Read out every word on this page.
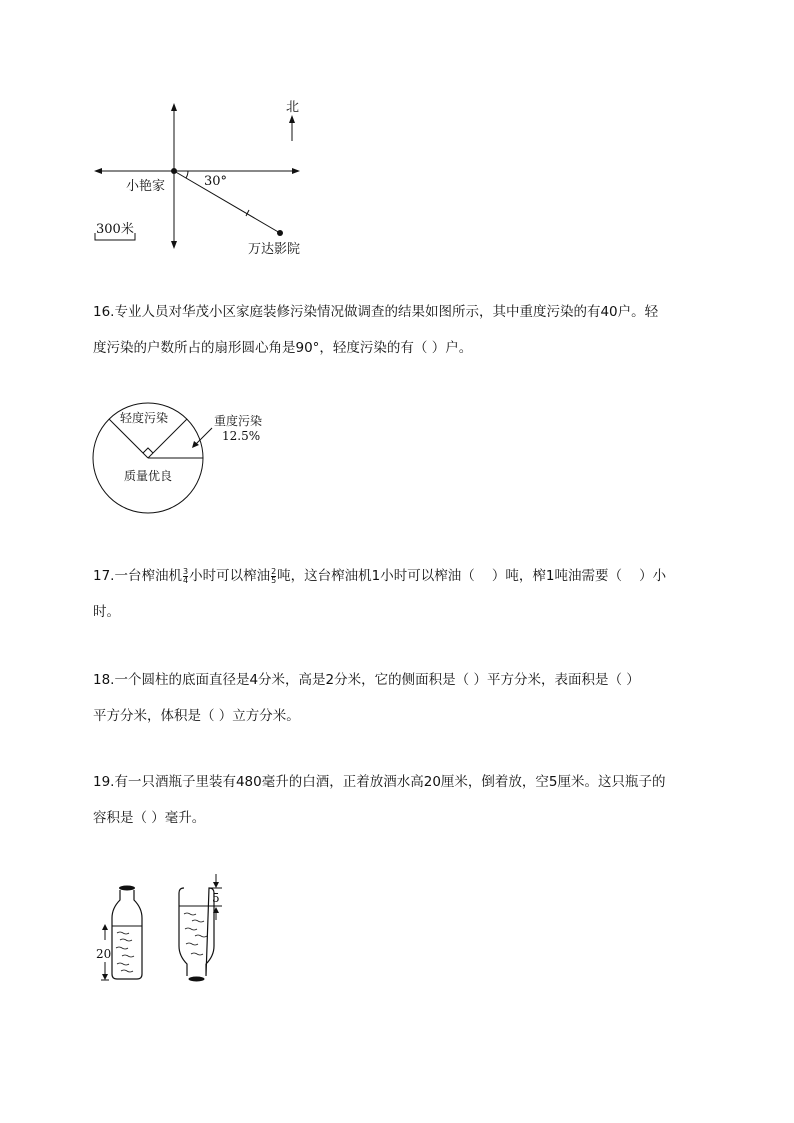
北
小艳家	30°
300米
万达影院
16.专业人员对华茂小区家庭装修污染情况做调查的结果如图所示，其中重度污染的有40户。轻
度污染的户数所占的扇形圆心角是90°，轻度污染的有（ ）户。
轻度污染	重度污染
12.5%
质量优良
17.一台榨油机 $\frac{3}{4}$ 小时可以榨油 $\frac{2}{5}$ 吨，这台榨油机1小时可以榨油（    ）吨，榨1吨油需要（    ）小
时。
18.一个圆柱的底面直径是4分米，高是2分米，它的侧面积是（ ）平方分米，表面积是（ ）
平方分米，体积是（ ）立方分米。
19.有一只酒瓶子里装有480毫升的白酒，正着放酒水高20厘米，倒着放，空5厘米。这只瓶子的
容积是（ ）毫升。
20
5
